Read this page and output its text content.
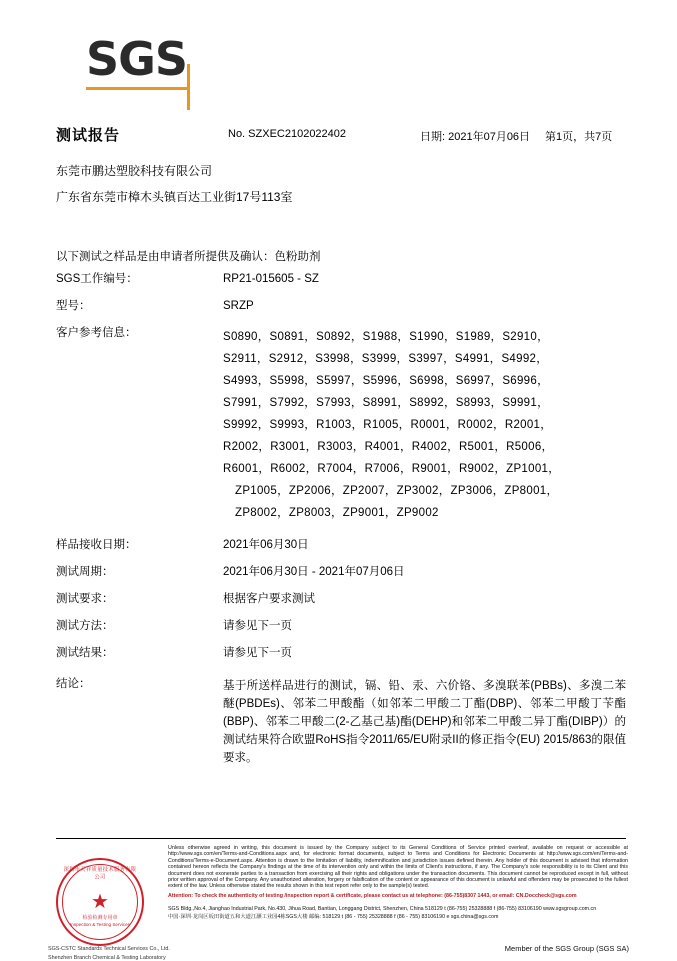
SGS
测试报告	No. SZXEC2102022402	日期: 2021年07月06日 第1页，共7页
东莞市鹏达塑胶科技有限公司
广东省东莞市樟木头镇百达工业街17号113室
以下测试之样品是由申请者所提供及确认：色粉助剂
SGS工作编号：	RP21-015605 - SZ
型号：	SRZP
客户参考信息：	S0890，S0891，S0892，S1988，S1990，S1989，S2910，
S2911，S2912，S3998，S3999，S3997，S4991，S4992，
S4993，S5998，S5997，S5996，S6998，S6997，S6996，
S7991，S7992，S7993，S8991，S8992，S8993，S9991，
S9992，S9993，R1003，R1005，R0001，R0002，R2001，
R2002，R3001，R3003，R4001，R4002，R5001，R5006，
R6001，R6002，R7004，R7006，R9001，R9002，ZP1001，
ZP1005，ZP2006，ZP2007，ZP3002，ZP3006，ZP8001，
ZP8002，ZP8003，ZP9001，ZP9002
样品接收日期：	2021年06月30日
测试周期：	2021年06月30日 - 2021年07月06日
测试要求：	根据客户要求测试
测试方法：	请参见下一页
测试结果：	请参见下一页
结论：	基于所送样品进行的测试，镉、铅、汞、六价铬、多溴联苯(PBBs)、多溴二苯醚(PBDEs)、邻苯二甲酸酯（如邻苯二甲酸二丁酯(DBP)、邻苯二甲酸丁苄酯(BBP)、邻苯二甲酸二(2-乙基己基)酯(DEHP)和邻苯二甲酸二异丁酯(DIBP)）的测试结果符合欧盟RoHS指令2011/65/EU附录II的修正指令(EU) 2015/863的限值要求。
深圳市天祥质量技术服务有限公司
★
检验检测专用章
Inspection & Testing Services
SGS-CSTC Standards Technical Services Co., Ltd.
Shenzhen Branch Chemical & Testing Laboratory

Unless otherwise agreed in writing, this document is issued by the Company subject to its General Conditions of Service printed overleaf, available on request or accessible at http://www.sgs.com/en/Terms-and-Conditions.aspx and, for electronic format documents, subject to Terms and Conditions for Electronic Documents at http://www.sgs.com/en/Terms-and-Conditions/Terms-e-Document.aspx. Attention is drawn to the limitation of liability, indemnification and jurisdiction issues defined therein. Any holder of this document is advised that information contained hereon reflects the Company's findings at the time of its intervention only and within the limits of Client's instructions, if any. The Company's sole responsibility is to its Client and this document does not exonerate parties to a transaction from exercising all their rights and obligations under the transaction documents. This document cannot be reproduced except in full, without prior written approval of the Company. Any unauthorized alteration, forgery or falsification of the content or appearance of this document is unlawful and offenders may be prosecuted to the fullest extent of the law. Unless otherwise stated the results shown in this test report refer only to the sample(s) tested.

Attention: To check the authenticity of testing /inspection report & certificate, please contact us at telephone: (86-755)8307 1443, or email: CN.Doccheck@sgs.com

SGS Bldg.,No.4, Jianghao Industrial Park, No.430, Jihua Road, Bantian, Longgang District, Shenzhen, China 518129 t (86-755) 25328888 f (86-755) 83106190 www.sgsgroup.com.cn

中国·深圳·龙岗区坂田街道五和大道江灏工业园4栋SGS大楼 邮编: 518129 t (86 - 755) 25328888 f (86 - 755) 83106190 e sgs.china@sgs.com

Member of the SGS Group (SGS SA)
